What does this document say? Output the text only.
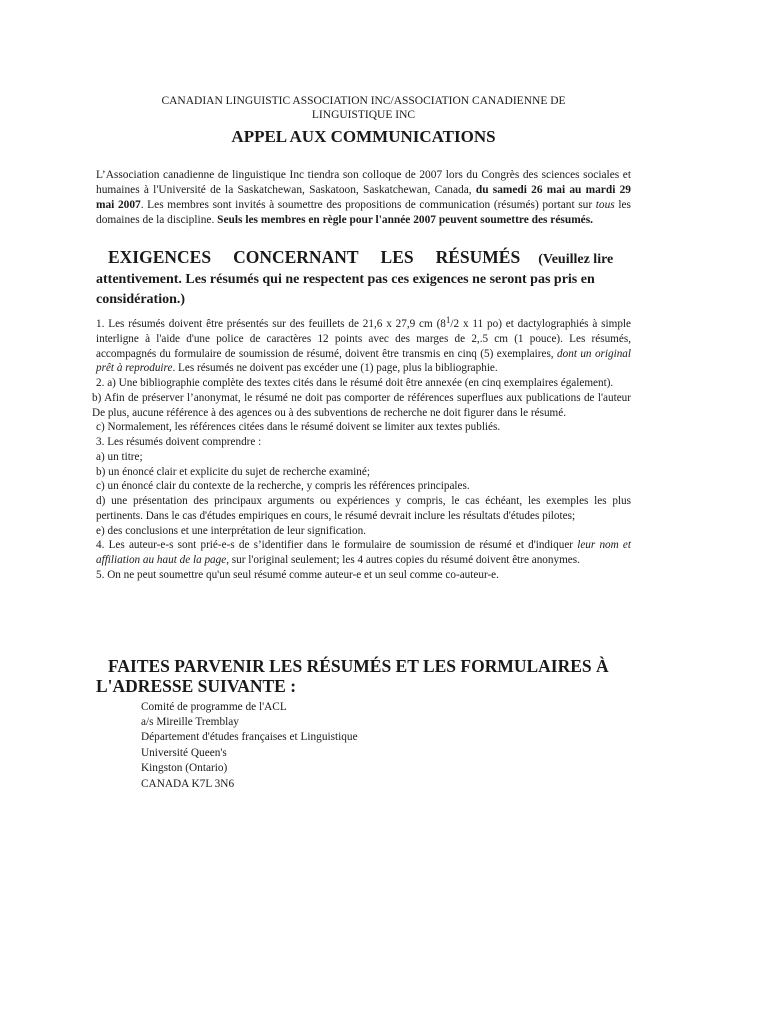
CANADIAN LINGUISTIC ASSOCIATION INC/ASSOCIATION CANADIENNE DE

LINGUISTIQUE INC

APPEL AUX COMMUNICATIONS

L’Association canadienne de linguistique Inc tiendra son colloque de 2007 lors du Congrès des sciences sociales et humaines à l'Université de la Saskatchewan, Saskatoon, Saskatchewan, Canada, du samedi 26 mai au mardi 29 mai 2007. Les membres sont invités à soumettre des propositions de communication (résumés) portant sur tous les domaines de la discipline. Seuls les membres en règle pour l'année 2007 peuvent soumettre des résumés.

EXIGENCES CONCERNANT LES RÉSUMÉS (Veuillez lire
attentivement. Les résumés qui ne respectent pas ces exigences ne seront pas pris en considération.)

1. Les résumés doivent être présentés sur des feuillets de 21,6 x 27,9 cm ($8^1/2$ x 11 po) et dactylographiés à simple interligne à l'aide d'une police de caractères 12 points avec des marges de 2,.5 cm (1 pouce). Les résumés, accompagnés du formulaire de soumission de résumé, doivent être transmis en cinq (5) exemplaires, dont un original prêt à reproduire. Les résumés ne doivent pas excéder une (1) page, plus la bibliographie.

2. a) Une bibliographie complète des textes cités dans le résumé doit être annexée (en cinq exemplaires également).

b) Afin de préserver l’anonymat, le résumé ne doit pas comporter de références superflues aux publications de l'auteur De plus, aucune référence à des agences ou à des subventions de recherche ne doit figurer dans le résumé.

c) Normalement, les références citées dans le résumé doivent se limiter aux textes publiés.

3. Les résumés doivent comprendre :

a) un titre;

b) un énoncé clair et explicite du sujet de recherche examiné;

c) un énoncé clair du contexte de la recherche, y compris les références principales.

d) une présentation des principaux arguments ou expériences y compris, le cas échéant, les exemples les plus pertinents. Dans le cas d'études empiriques en cours, le résumé devrait inclure les résultats d'études pilotes;

e) des conclusions et une interprétation de leur signification.

4. Les auteur-e-s sont prié-e-s de s’identifier dans le formulaire de soumission de résumé et d'indiquer leur nom et affiliation au haut de la page, sur l'original seulement; les 4 autres copies du résumé doivent être anonymes.

5. On ne peut soumettre qu'un seul résumé comme auteur-e et un seul comme co-auteur-e.

FAITES PARVENIR LES RÉSUMÉS ET LES FORMULAIRES À
L'ADRESSE SUIVANTE :

Comité de programme de l'ACL
a/s Mireille Tremblay
Département d'études françaises et Linguistique
Université Queen's
Kingston (Ontario)
CANADA K7L 3N6
